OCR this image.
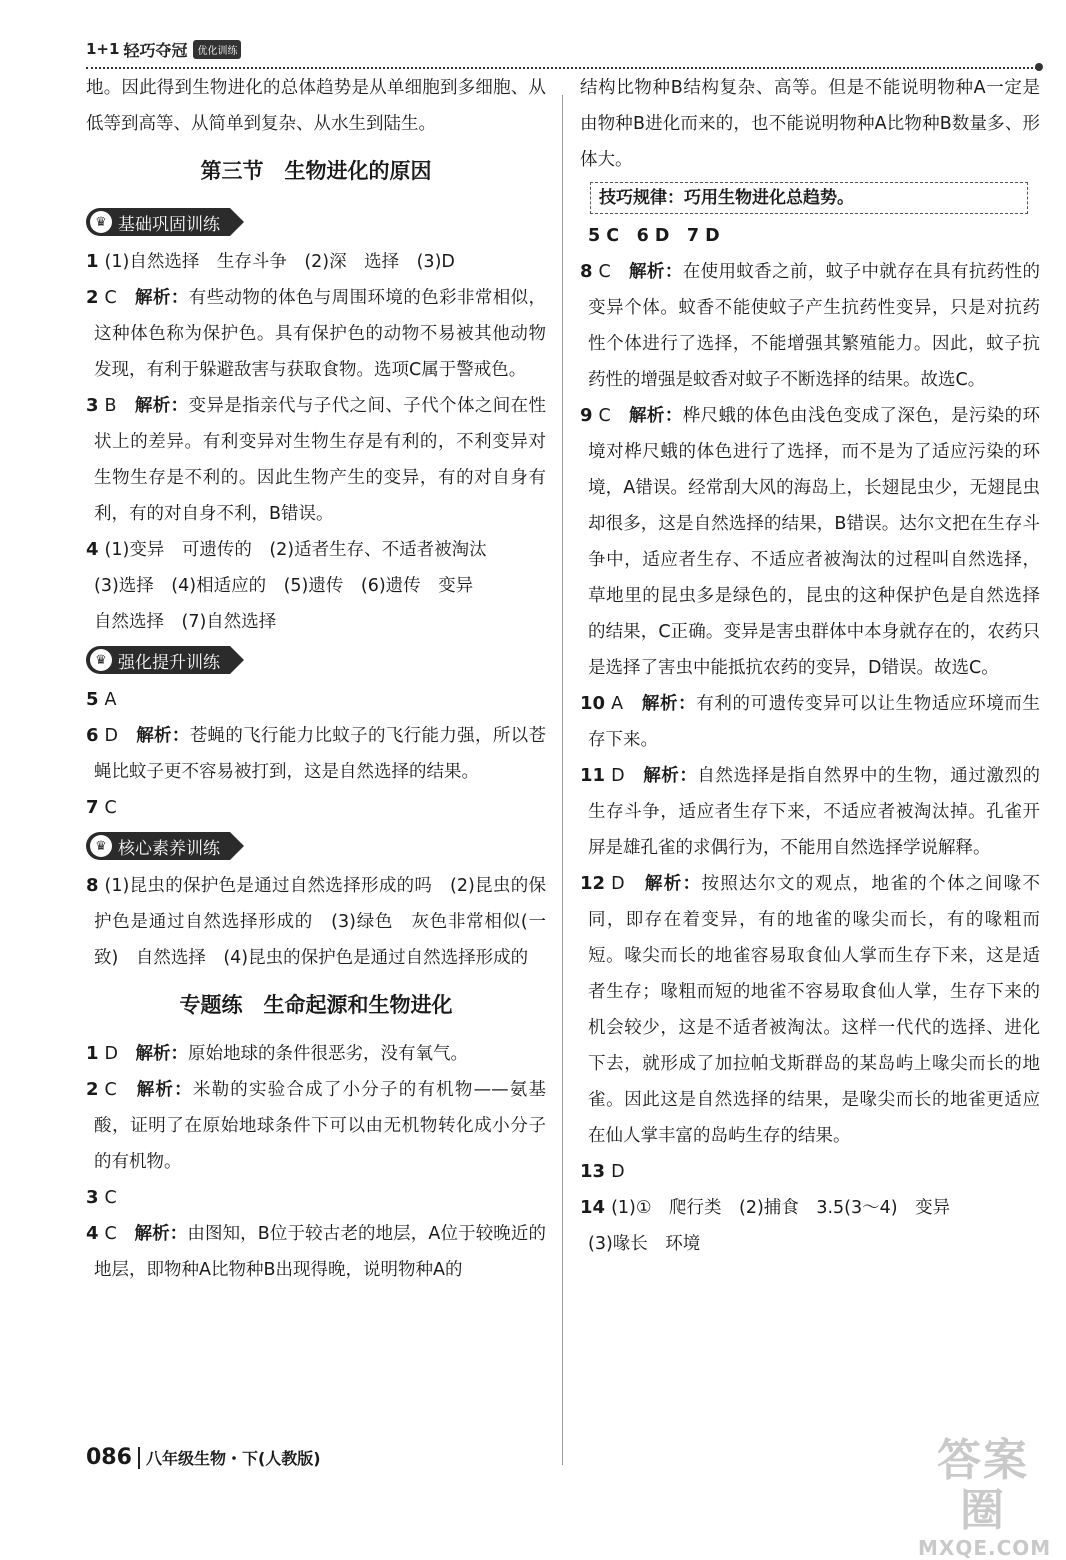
1+1 轻巧夺冠	优化训练

地。因此得到生物进化的总体趋势是从单细胞到多细胞、从低等到高等、从简单到复杂、从水生到陆生。

第三节　生物进化的原因
♛ 基础巩固训练

1 (1)自然选择　生存斗争　(2)深　选择　(3)D

2 C　 解析：有些动物的体色与周围环境的色彩非常相似，这种体色称为保护色。具有保护色的动物不易被其他动物发现，有利于躲避敌害与获取食物。选项C属于警戒色。

3 B　 解析：变异是指亲代与子代之间、子代个体之间在性状上的差异。有利变异对生物生存是有利的，不利变异对生物生存是不利的。因此生物产生的变异，有的对自身有利，有的对自身不利，B错误。

4 (1)变异　可遗传的　(2)适者生存、不适者被淘汰
(3)选择　(4)相适应的　(5)遗传　(6)遗传　变异
自然选择　(7)自然选择

♛ 强化提升训练

5 A

6 D　 解析：苍蝇的飞行能力比蚊子的飞行能力强，所以苍蝇比蚊子更不容易被打到，这是自然选择的结果。

7 C

♛ 核心素养训练

8 (1)昆虫的保护色是通过自然选择形成的吗　(2)昆虫的保护色是通过自然选择形成的　(3)绿色　灰色非常相似(一致)　自然选择　(4)昆虫的保护色是通过自然选择形成的

专题练　生命起源和生物进化

1 D　 解析：原始地球的条件很恶劣，没有氧气。

2 C　 解析：米勒的实验合成了小分子的有机物——氨基酸，证明了在原始地球条件下可以由无机物转化成小分子的有机物。

3 C

4 C　 解析：由图知，B位于较古老的地层，A位于较晚近的地层，即物种A比物种B出现得晚，说明物种A的

结构比物种B结构复杂、高等。但是不能说明物种A一定是由物种B进化而来的，也不能说明物种A比物种B数量多、形体大。

技巧规律：巧用生物进化总趋势。

5 C　6 D　7 D

8 C　 解析：在使用蚊香之前，蚊子中就存在具有抗药性的变异个体。蚊香不能使蚊子产生抗药性变异，只是对抗药性个体进行了选择，不能增强其繁殖能力。因此，蚊子抗药性的增强是蚊香对蚊子不断选择的结果。故选C。

9 C　 解析：桦尺蛾的体色由浅色变成了深色，是污染的环境对桦尺蛾的体色进行了选择，而不是为了适应污染的环境，A错误。经常刮大风的海岛上，长翅昆虫少，无翅昆虫却很多，这是自然选择的结果，B错误。达尔文把在生存斗争中，适应者生存、不适应者被淘汰的过程叫自然选择，草地里的昆虫多是绿色的，昆虫的这种保护色是自然选择的结果，C正确。变异是害虫群体中本身就存在的，农药只是选择了害虫中能抵抗农药的变异，D错误。故选C。

10 A　 解析：有利的可遗传变异可以让生物适应环境而生存下来。

11 D　 解析：自然选择是指自然界中的生物，通过激烈的生存斗争，适应者生存下来，不适应者被淘汰掉。孔雀开屏是雄孔雀的求偶行为，不能用自然选择学说解释。

12 D　 解析：按照达尔文的观点，地雀的个体之间喙不同，即存在着变异，有的地雀的喙尖而长，有的喙粗而短。喙尖而长的地雀容易取食仙人掌而生存下来，这是适者生存；喙粗而短的地雀不容易取食仙人掌，生存下来的机会较少，这是不适者被淘汰。这样一代代的选择、进化下去，就形成了加拉帕戈斯群岛的某岛屿上喙尖而长的地雀。因此这是自然选择的结果，是喙尖而长的地雀更适应在仙人掌丰富的岛屿生存的结果。

13 D

14 (1)①　爬行类　(2)捕食　3.5(3～4)　变异
(3)喙长　环境

086 八年级生物・下(人教版)	答案圈
MXQE.COM
